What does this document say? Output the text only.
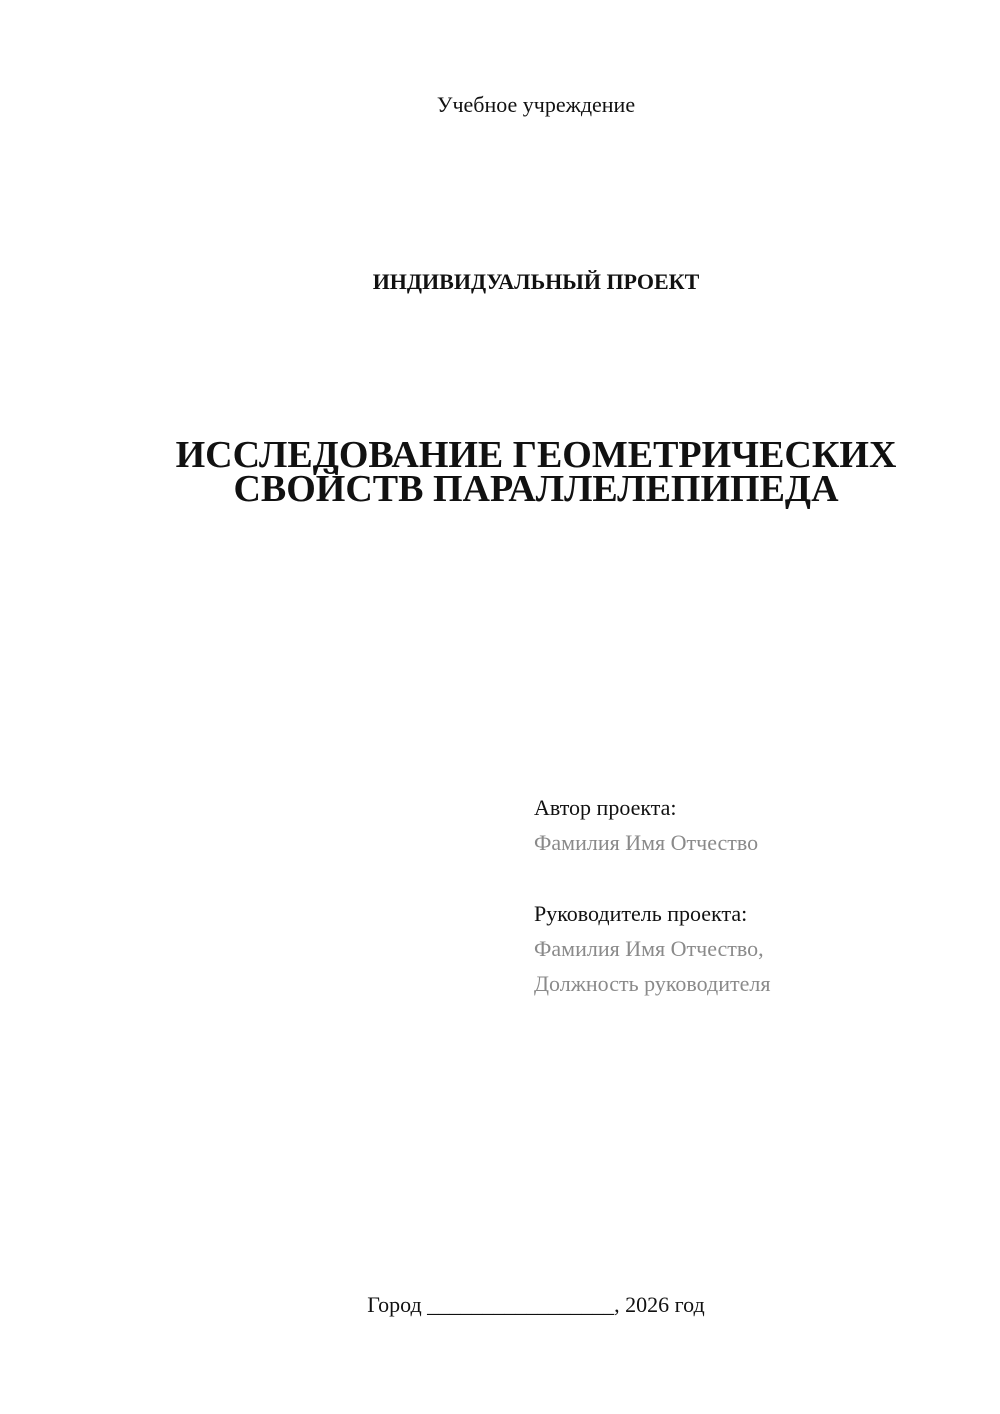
Учебное учреждение
ИНДИВИДУАЛЬНЫЙ ПРОЕКТ
ИССЛЕДОВАНИЕ ГЕОМЕТРИЧЕСКИХ
СВОЙСТВ ПАРАЛЛЕЛЕПИПЕДА
Автор проекта:
Фамилия Имя Отчество
Руководитель проекта:
Фамилия Имя Отчество,
Должность руководителя
Город _________________, 2026 год
